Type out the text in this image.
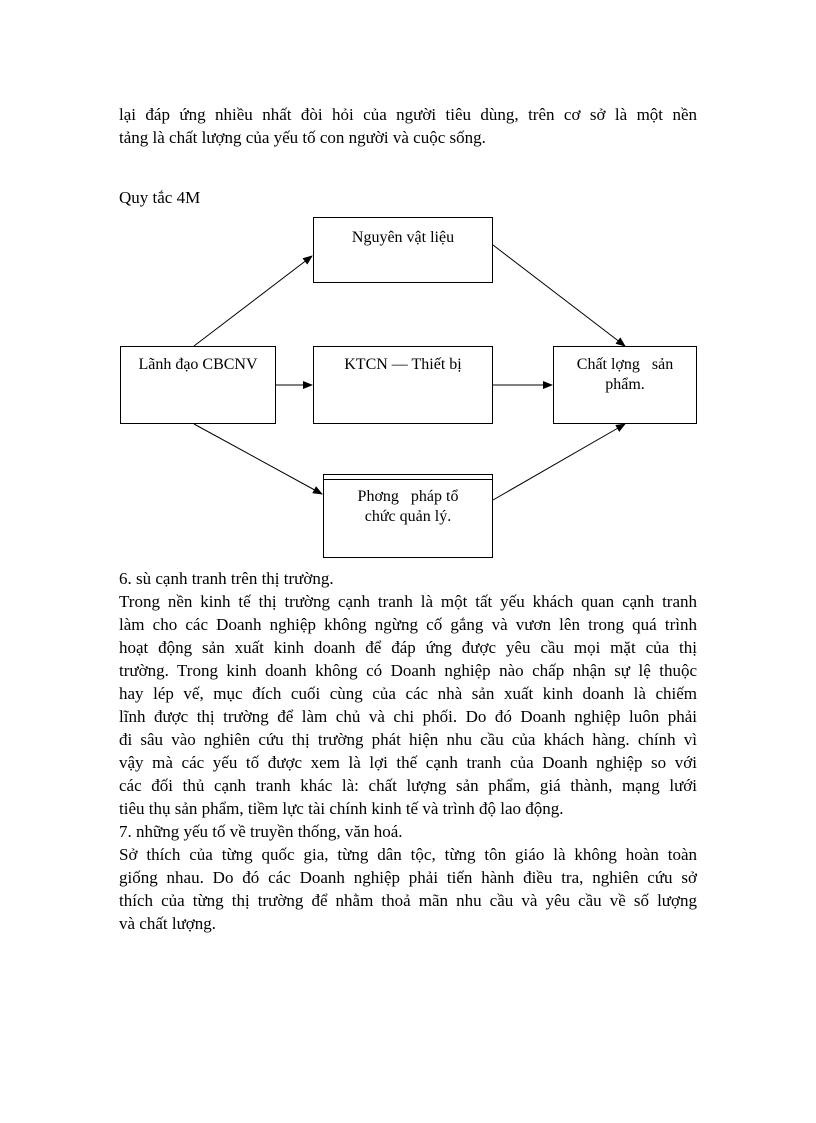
lại đáp ứng nhiều nhất đòi hỏi của người tiêu dùng, trên cơ sở là một nền
tảng là chất lượng của yếu tố con người và cuộc sống.
Quy tắc 4M
Nguyên vật liệu
Lãnh đạo CBCNV	KTCN — Thiết bị	Chất lợng   sản
phẩm.
Phơng   pháp tổ
chức quản lý.
6. sù cạnh tranh trên thị trường.
Trong nền kinh tế thị trường cạnh tranh là một tất yếu khách quan cạnh tranh
làm cho các Doanh nghiệp không ngừng cố gắng và vươn lên trong quá trình
hoạt động sản xuất kinh doanh để đáp ứng được yêu cầu mọi mặt của thị
trường. Trong kinh doanh không có Doanh nghiệp nào chấp nhận sự lệ thuộc
hay lép vế, mục đích cuối cùng của các nhà sản xuất kinh doanh là chiếm
lĩnh được thị trường để làm chủ và chi phối. Do đó Doanh nghiệp luôn phải
đi sâu vào nghiên cứu thị trường phát hiện nhu cầu của khách hàng. chính vì
vậy mà các yếu tố được xem là lợi thế cạnh tranh của Doanh nghiệp so với
các đối thủ cạnh tranh khác là: chất lượng sản phẩm, giá thành, mạng lưới
tiêu thụ sản phẩm, tiềm lực tài chính kinh tế và trình độ lao động.
7. những yếu tố về truyền thống, văn hoá.
Sở thích của từng quốc gia, từng dân tộc, từng tôn giáo là không hoàn toàn
giống nhau. Do đó các Doanh nghiệp phải tiến hành điều tra, nghiên cứu sở
thích của từng thị trường để nhằm thoả mãn nhu cầu và yêu cầu về số lượng
và chất lượng.
